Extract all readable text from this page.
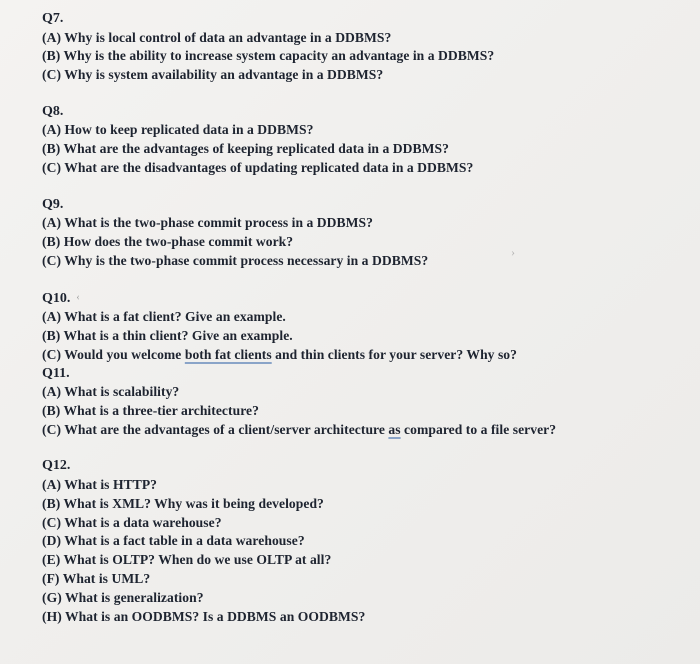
Q7.

(A) Why is local control of data an advantage in a DDBMS?

(B) Why is the ability to increase system capacity an advantage in a DDBMS?

(C) Why is system availability an advantage in a DDBMS?

Q8.

(A) How to keep replicated data in a DDBMS?

(B) What are the advantages of keeping replicated data in a DDBMS?

(C) What are the disadvantages of updating replicated data in a DDBMS?

Q9.

(A) What is the two-phase commit process in a DDBMS?

(B) How does the two-phase commit work?

(C) Why is the two-phase commit process necessary in a DDBMS?

Q10. ‹

(A) What is a fat client? Give an example.

(B) What is a thin client? Give an example.

(C) Would you welcome both fat clients and thin clients for your server? Why so?

Q11.

(A) What is scalability?

(B) What is a three-tier architecture?

(C) What are the advantages of a client/server architecture as compared to a file server?

Q12.

(A) What is HTTP?

(B) What is XML? Why was it being developed?

(C) What is a data warehouse?

(D) What is a fact table in a data warehouse?

(E) What is OLTP? When do we use OLTP at all?

(F) What is UML?

(G) What is generalization?

(H) What is an OODBMS? Is a DDBMS an OODBMS?

›
